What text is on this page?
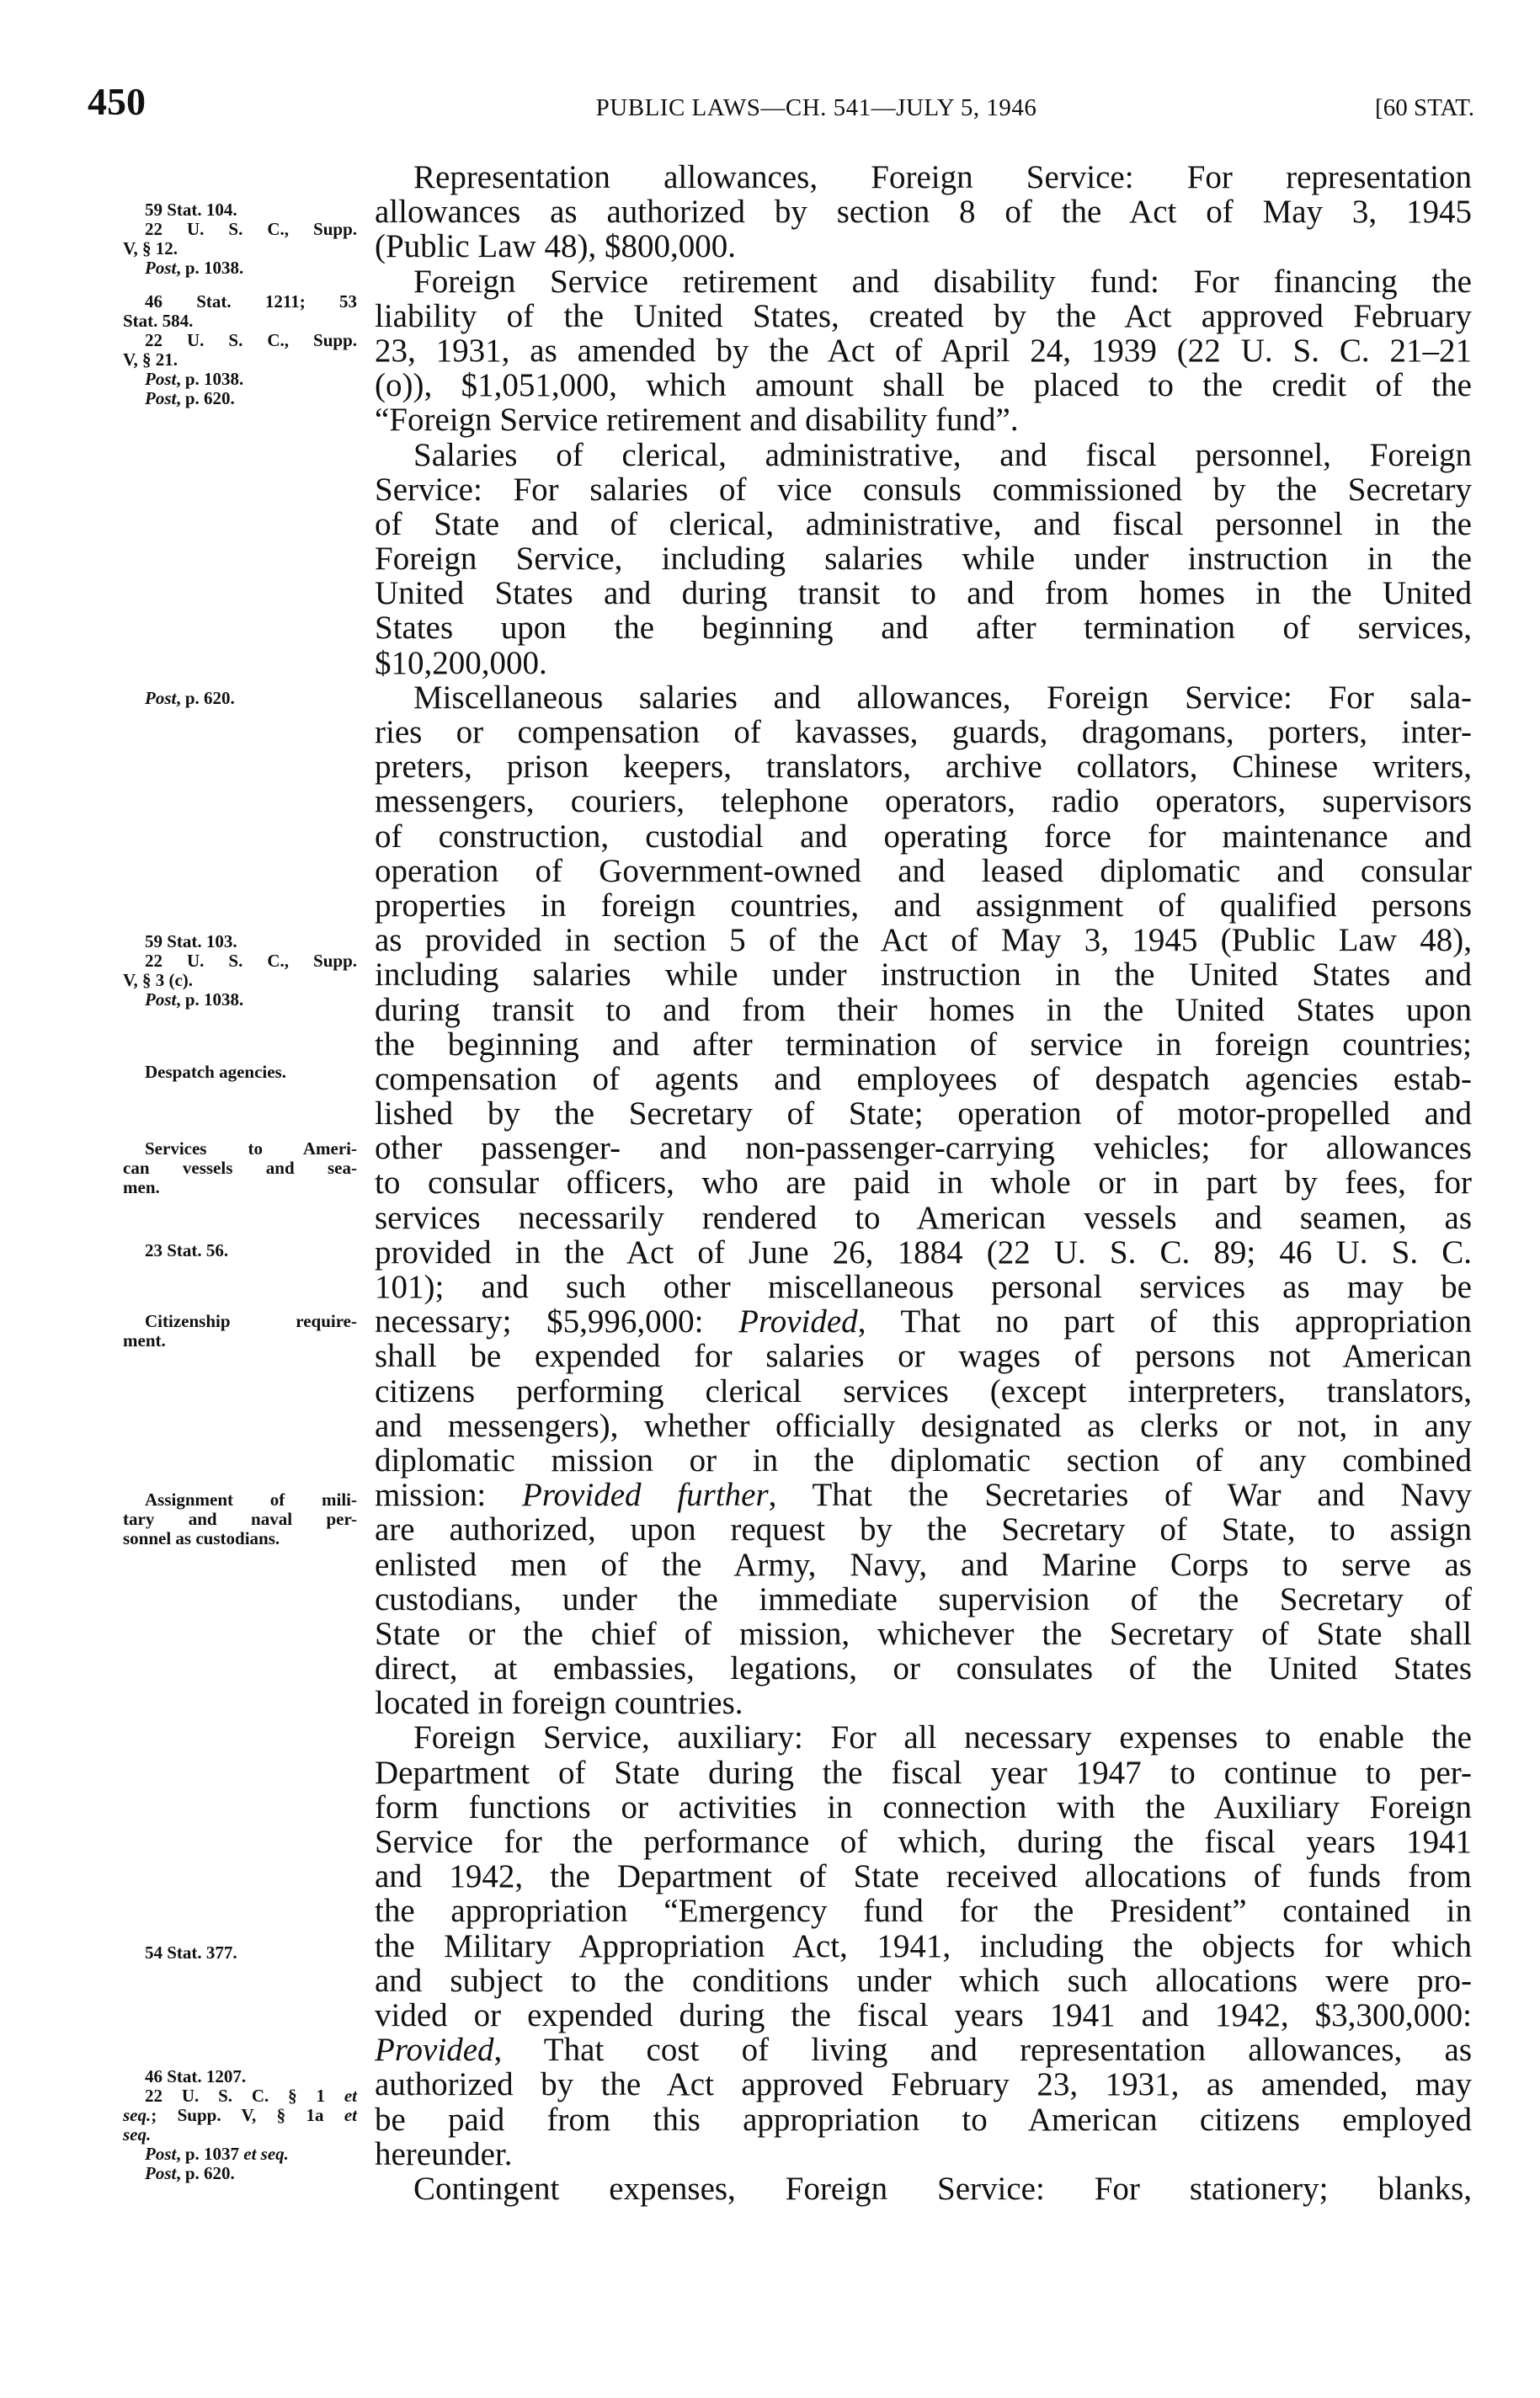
450	PUBLIC LAWS—CH. 541—JULY 5, 1946	[60 STAT.
Representation allowances, Foreign Service: For representation
allowances as authorized by section 8 of the Act of May 3, 1945
(Public Law 48), $800,000.
Foreign Service retirement and disability fund: For financing the
liability of the United States, created by the Act approved February
23, 1931, as amended by the Act of April 24, 1939 (22 U. S. C. 21–21
(o)), $1,051,000, which amount shall be placed to the credit of the
“Foreign Service retirement and disability fund”.
Salaries of clerical, administrative, and fiscal personnel, Foreign
Service: For salaries of vice consuls commissioned by the Secretary
of State and of clerical, administrative, and fiscal personnel in the
Foreign Service, including salaries while under instruction in the
United States and during transit to and from homes in the United
States upon the beginning and after termination of services,
$10,200,000.
Miscellaneous salaries and allowances, Foreign Service: For sala-
ries or compensation of kavasses, guards, dragomans, porters, inter-
preters, prison keepers, translators, archive collators, Chinese writers,
messengers, couriers, telephone operators, radio operators, supervisors
of construction, custodial and operating force for maintenance and
operation of Government-owned and leased diplomatic and consular
properties in foreign countries, and assignment of qualified persons
as provided in section 5 of the Act of May 3, 1945 (Public Law 48),
including salaries while under instruction in the United States and
during transit to and from their homes in the United States upon
the beginning and after termination of service in foreign countries;
compensation of agents and employees of despatch agencies estab-
lished by the Secretary of State; operation of motor-propelled and
other passenger- and non-passenger-carrying vehicles; for allowances
to consular officers, who are paid in whole or in part by fees, for
services necessarily rendered to American vessels and seamen, as
provided in the Act of June 26, 1884 (22 U. S. C. 89; 46 U. S. C.
101); and such other miscellaneous personal services as may be
necessary; $5,996,000: Provided, That no part of this appropriation
shall be expended for salaries or wages of persons not American
citizens performing clerical services (except interpreters, translators,
and messengers), whether officially designated as clerks or not, in any
diplomatic mission or in the diplomatic section of any combined
mission: Provided further, That the Secretaries of War and Navy
are authorized, upon request by the Secretary of State, to assign
enlisted men of the Army, Navy, and Marine Corps to serve as
custodians, under the immediate supervision of the Secretary of
State or the chief of mission, whichever the Secretary of State shall
direct, at embassies, legations, or consulates of the United States
located in foreign countries.
Foreign Service, auxiliary: For all necessary expenses to enable the
Department of State during the fiscal year 1947 to continue to per-
form functions or activities in connection with the Auxiliary Foreign
Service for the performance of which, during the fiscal years 1941
and 1942, the Department of State received allocations of funds from
the appropriation “Emergency fund for the President” contained in
the Military Appropriation Act, 1941, including the objects for which
and subject to the conditions under which such allocations were pro-
vided or expended during the fiscal years 1941 and 1942, $3,300,000:
Provided, That cost of living and representation allowances, as
authorized by the Act approved February 23, 1931, as amended, may
be paid from this appropriation to American citizens employed
hereunder.
Contingent expenses, Foreign Service: For stationery; blanks,
59 Stat. 104.
22 U. S. C., Supp.
V, § 12.
Post, p. 1038.
46 Stat. 1211; 53
Stat. 584.
22 U. S. C., Supp.
V, § 21.
Post, p. 1038.
Post, p. 620.
Post, p. 620.
59 Stat. 103.
22 U. S. C., Supp.
V, § 3 (c).
Post, p. 1038.
Despatch agencies.
Services to Ameri-
can vessels and sea-
men.
23 Stat. 56.
Citizenship require-
ment.
Assignment of mili-
tary and naval per-
sonnel as custodians.
54 Stat. 377.
46 Stat. 1207.
22 U. S. C. § 1 et
seq.; Supp. V, § 1a et
seq.
Post, p. 1037 et seq.
Post, p. 620.
